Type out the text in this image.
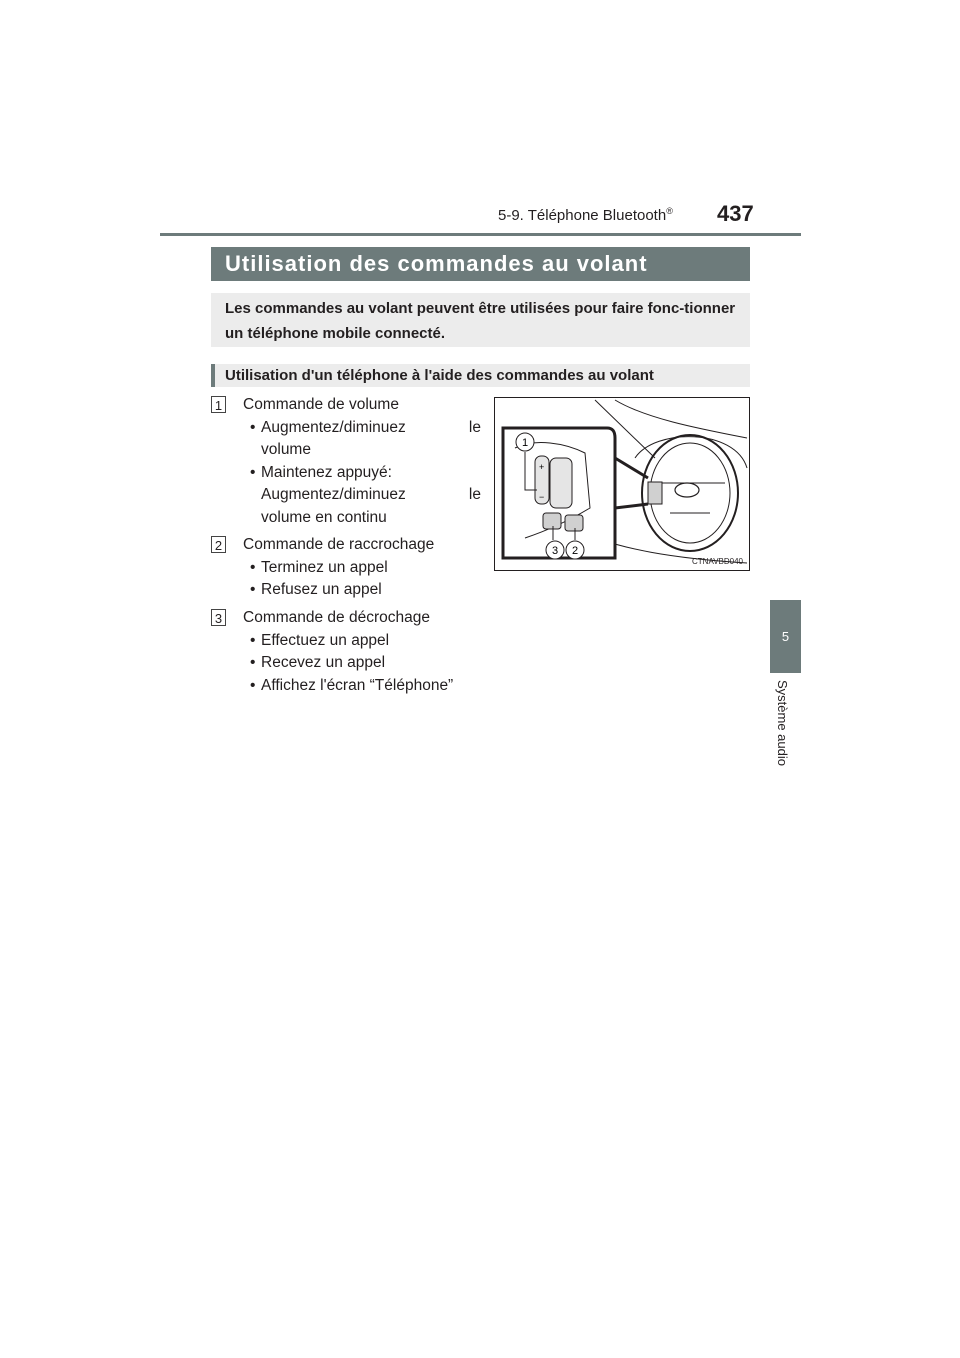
5-9. Téléphone Bluetooth® 437
5
Système audio
Utilisation des commandes au volant
Les commandes au volant peuvent être utilisées pour faire fonc-tionner un téléphone mobile connecté.
Utilisation d'un téléphone à l'aide des commandes au volant
1 Commande de volume
• Augmentez/diminuez	le
volume
• Maintenez appuyé:
Augmentez/diminuez	le
volume en continu
2 Commande de raccrochage
• Terminez un appel
• Refusez un appel
3 Commande de décrochage
• Effectuez un appel
• Recevez un appel
• Affichez l'écran “Téléphone”
+
−
1
3 2
CTNAVBD040
